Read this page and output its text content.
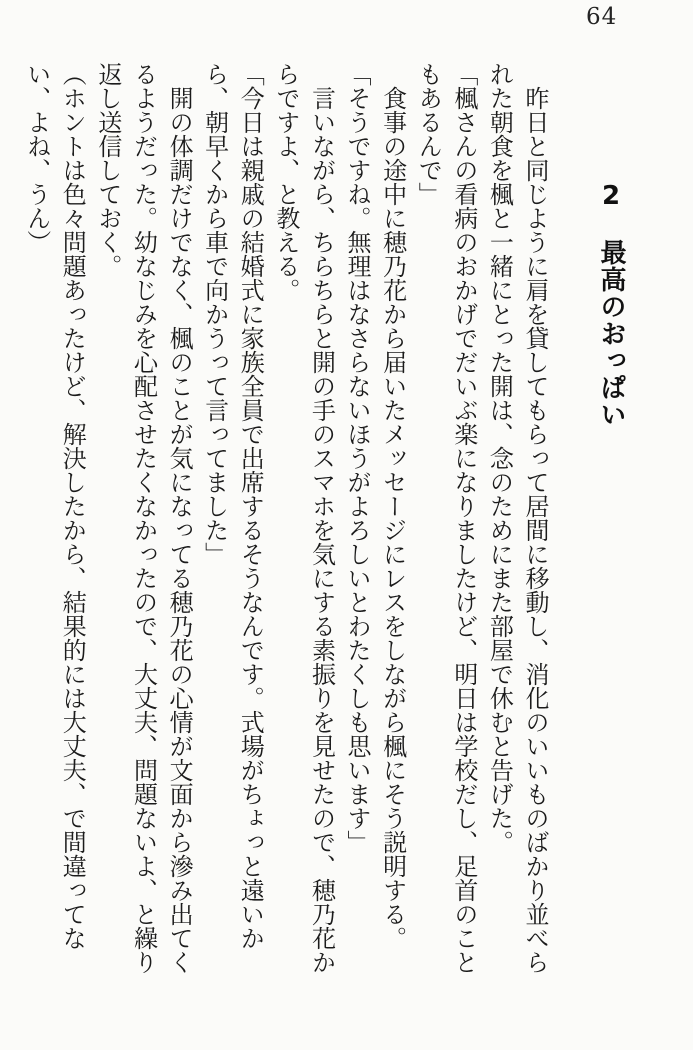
64
2　最高のおっぱい

　昨日と同じように肩を貸してもらって居間に移動し、消化のいいものばかり並べられた朝食を楓と一緒にとった開は、念のためにまた部屋で休むと告げた。

「楓さんの看病のおかげでだいぶ楽になりましたけど、明日は学校だし、足首のこともあるんで」

　食事の途中に穂乃花から届いたメッセージにレスをしながら楓にそう説明する。

「そうですね。無理はなさらないほうがよろしいとわたくしも思います」

　言いながら、ちらちらと開の手のスマホを気にする素振りを見せたので、穂乃花からですよ、と教える。

「今日は親戚の結婚式に家族全員で出席するそうなんです。式場がちょっと遠いから、朝早くから車で向かうって言ってました」

　開の体調だけでなく、楓のことが気になってる穂乃花の心情が文面から滲み出てくるようだった。幼なじみを心配させたくなかったので、大丈夫、問題ないよ、と繰り返し送信しておく。

（ホントは色々問題あったけど、解決したから、結果的には大丈夫、で間違ってない、よね、うん）
